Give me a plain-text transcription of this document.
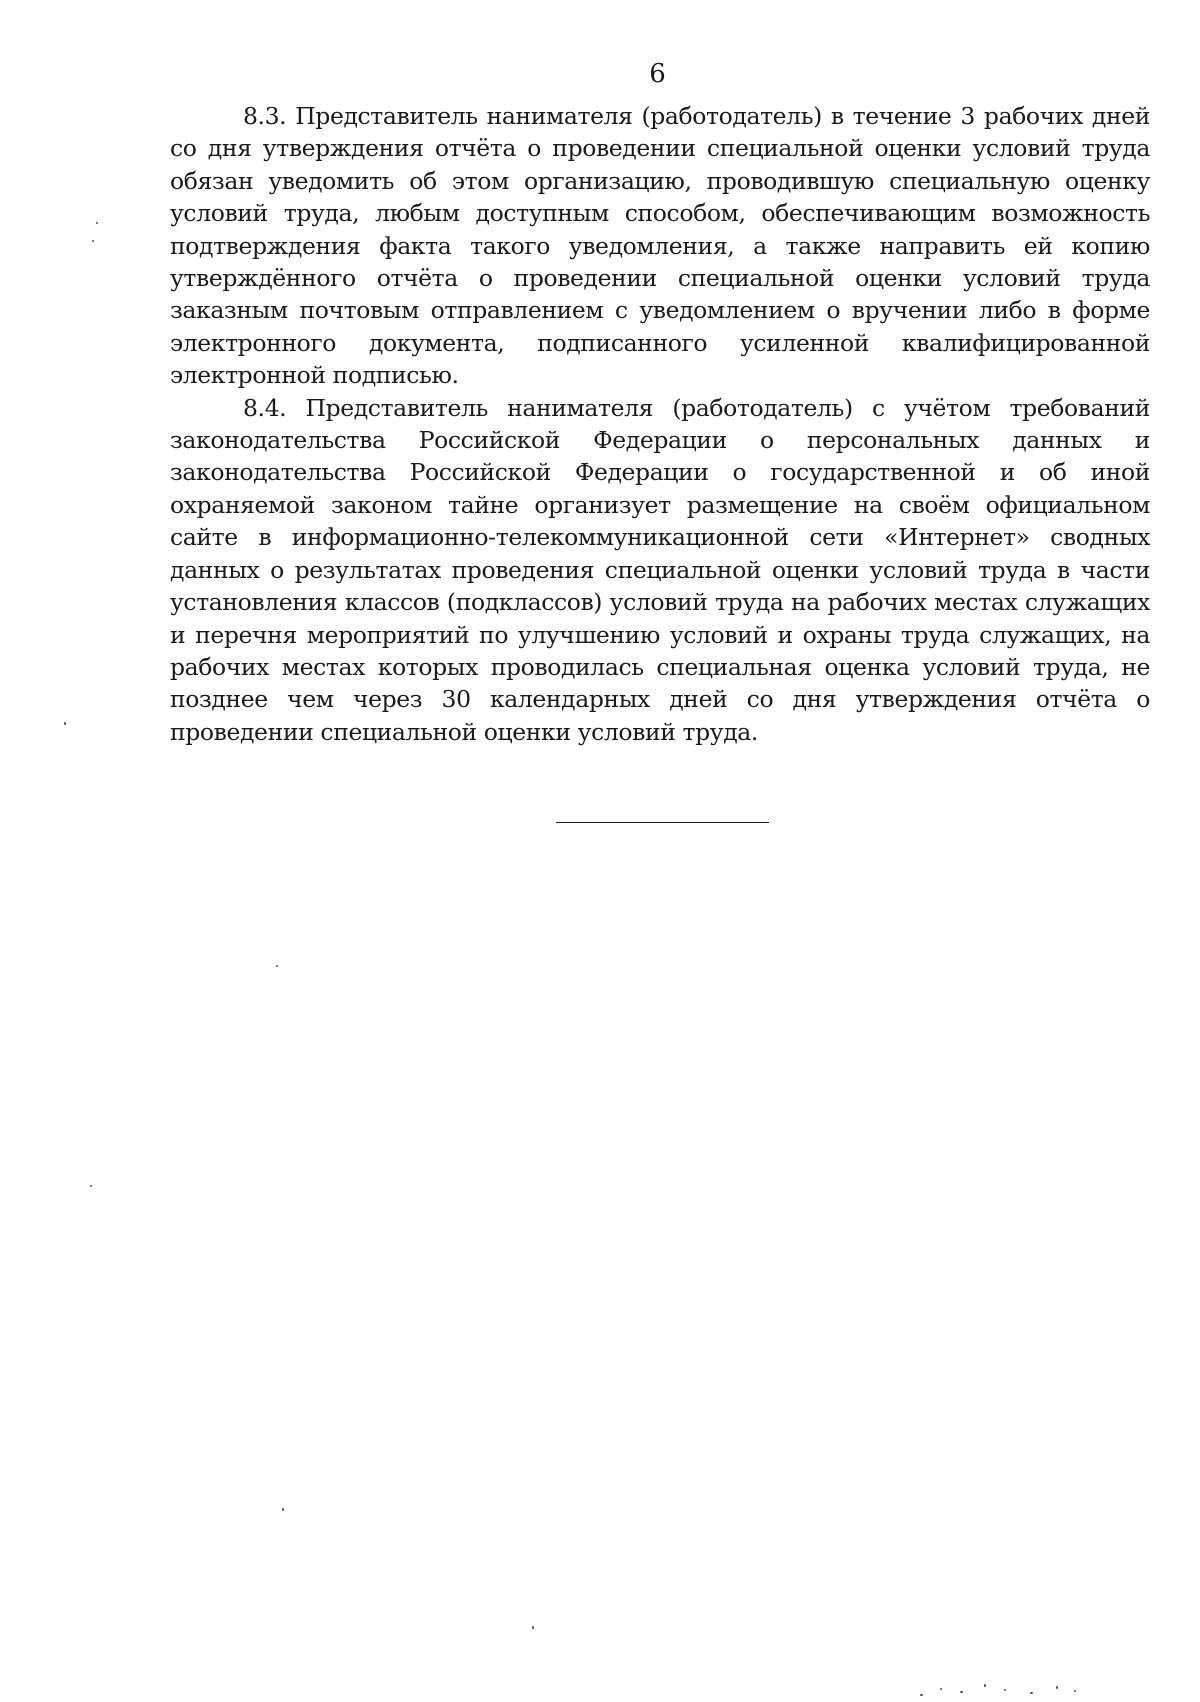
6

8.3. Представитель нанимателя (работодатель) в течение 3 рабочих дней со дня утверждения отчёта о проведении специальной оценки условий труда обязан уведомить об этом организацию, проводившую специальную оценку условий труда, любым доступным способом, обеспечивающим возможность подтверждения факта такого уведомления, а также направить ей копию утверждённого отчёта о проведении специальной оценки условий труда заказным почтовым отправлением с уведомлением о вручении либо в форме электронного документа, подписанного усиленной квалифицированной электронной подписью.

8.4. Представитель нанимателя (работодатель) с учётом требований законодательства Российской Федерации о персональных данных и законодательства Российской Федерации о государственной и об иной охраняемой законом тайне организует размещение на своём официальном сайте в информационно-телекоммуникационной сети «Интернет» сводных данных о результатах проведения специальной оценки условий труда в части установления классов (подклассов) условий труда на рабочих местах служащих и перечня мероприятий по улучшению условий и охраны труда служащих, на рабочих местах которых проводилась специальная оценка условий труда, не позднее чем через 30 календарных дней со дня утверждения отчёта о проведении специальной оценки условий труда.
